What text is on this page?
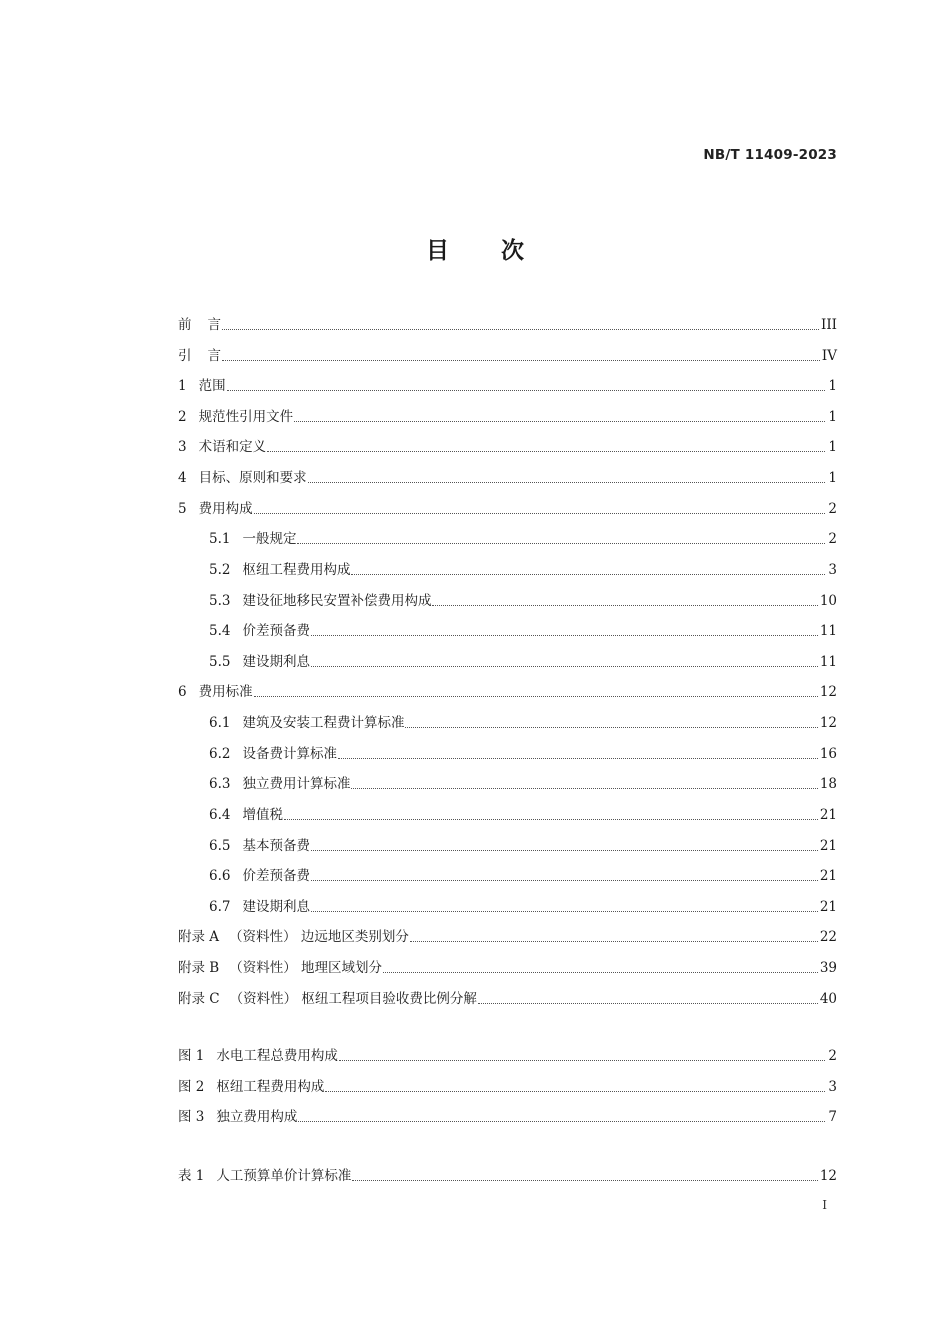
NB/T 11409-2023
目 次
前 言	III
引 言	IV
1 范围	1
2 规范性引用文件	1
3 术语和定义	1
4 目标、原则和要求	1
5 费用构成	2
5.1 一般规定	2
5.2 枢纽工程费用构成	3
5.3 建设征地移民安置补偿费用构成	10
5.4 价差预备费	11
5.5 建设期利息	11
6 费用标准	12
6.1 建筑及安装工程费计算标准	12
6.2 设备费计算标准	16
6.3 独立费用计算标准	18
6.4 增值税	21
6.5 基本预备费	21
6.6 价差预备费	21
6.7 建设期利息	21
附录 A （资料性） 边远地区类别划分	22
附录 B （资料性） 地理区域划分	39
附录 C （资料性） 枢纽工程项目验收费比例分解	40
图 1 水电工程总费用构成	2
图 2 枢纽工程费用构成	3
图 3 独立费用构成	7
表 1 人工预算单价计算标准	12
I
